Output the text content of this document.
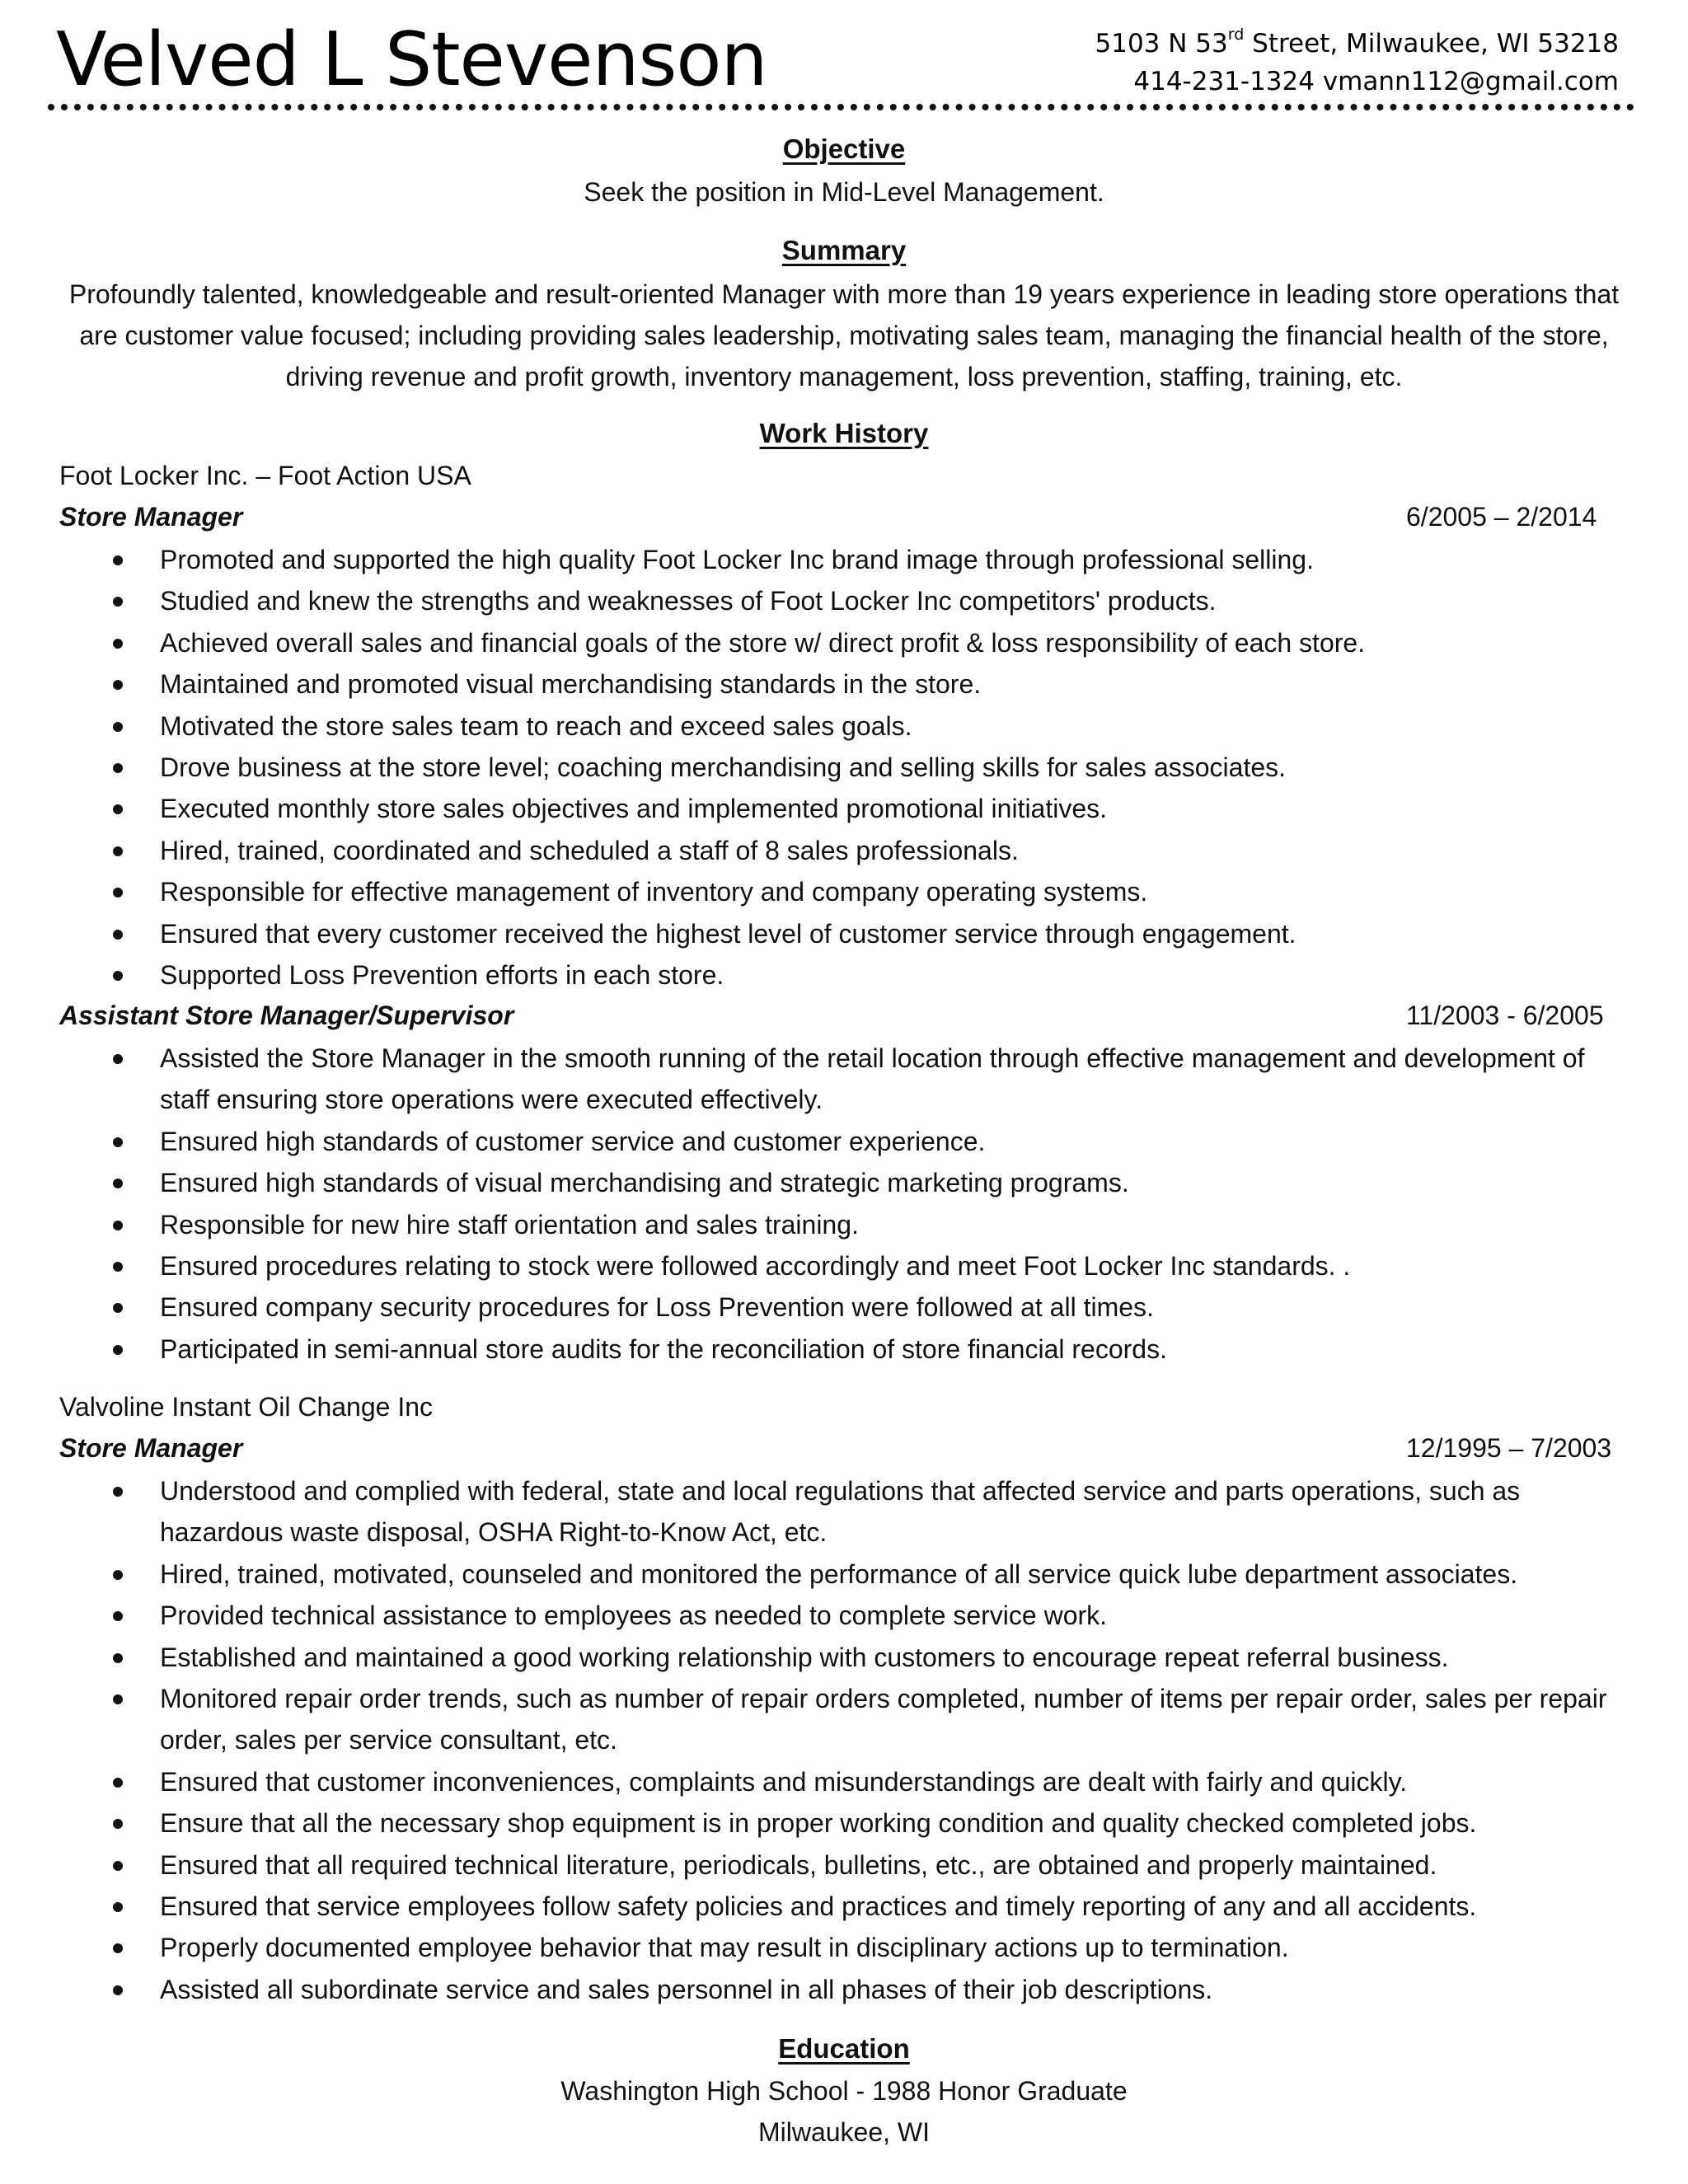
Velved L Stevenson	5103 N 53rd Street, Milwaukee, WI 53218
414-231-1324 vmann112@gmail.com
Objective
Seek the position in Mid-Level Management.
Summary
Profoundly talented, knowledgeable and result-oriented Manager with more than 19 years experience in leading store operations that are customer value focused; including providing sales leadership, motivating sales team, managing the financial health of the store, driving revenue and profit growth, inventory management, loss prevention, staffing, training, etc.
Work History
Foot Locker Inc. – Foot Action USA
Store Manager	6/2005 – 2/2014
Promoted and supported the high quality Foot Locker Inc brand image through professional selling.
Studied and knew the strengths and weaknesses of Foot Locker Inc competitors' products.
Achieved overall sales and financial goals of the store w/ direct profit & loss responsibility of each store.
Maintained and promoted visual merchandising standards in the store.
Motivated the store sales team to reach and exceed sales goals.
Drove business at the store level; coaching merchandising and selling skills for sales associates.
Executed monthly store sales objectives and implemented promotional initiatives.
Hired, trained, coordinated and scheduled a staff of 8 sales professionals.
Responsible for effective management of inventory and company operating systems.
Ensured that every customer received the highest level of customer service through engagement.
Supported Loss Prevention efforts in each store.
Assistant Store Manager/Supervisor	11/2003 - 6/2005
Assisted the Store Manager in the smooth running of the retail location through effective management and development of staff ensuring store operations were executed effectively.
Ensured high standards of customer service and customer experience.
Ensured high standards of visual merchandising and strategic marketing programs.
Responsible for new hire staff orientation and sales training.
Ensured procedures relating to stock were followed accordingly and meet Foot Locker Inc standards. .
Ensured company security procedures for Loss Prevention were followed at all times.
Participated in semi-annual store audits for the reconciliation of store financial records.
Valvoline Instant Oil Change Inc
Store Manager	12/1995 – 7/2003
Understood and complied with federal, state and local regulations that affected service and parts operations, such as hazardous waste disposal, OSHA Right-to-Know Act, etc.
Hired, trained, motivated, counseled and monitored the performance of all service quick lube department associates.
Provided technical assistance to employees as needed to complete service work.
Established and maintained a good working relationship with customers to encourage repeat referral business.
Monitored repair order trends, such as number of repair orders completed, number of items per repair order, sales per repair order, sales per service consultant, etc.
Ensured that customer inconveniences, complaints and misunderstandings are dealt with fairly and quickly.
Ensure that all the necessary shop equipment is in proper working condition and quality checked completed jobs.
Ensured that all required technical literature, periodicals, bulletins, etc., are obtained and properly maintained.
Ensured that service employees follow safety policies and practices and timely reporting of any and all accidents.
Properly documented employee behavior that may result in disciplinary actions up to termination.
Assisted all subordinate service and sales personnel in all phases of their job descriptions.
Education
Washington High School - 1988 Honor Graduate
Milwaukee, WI
